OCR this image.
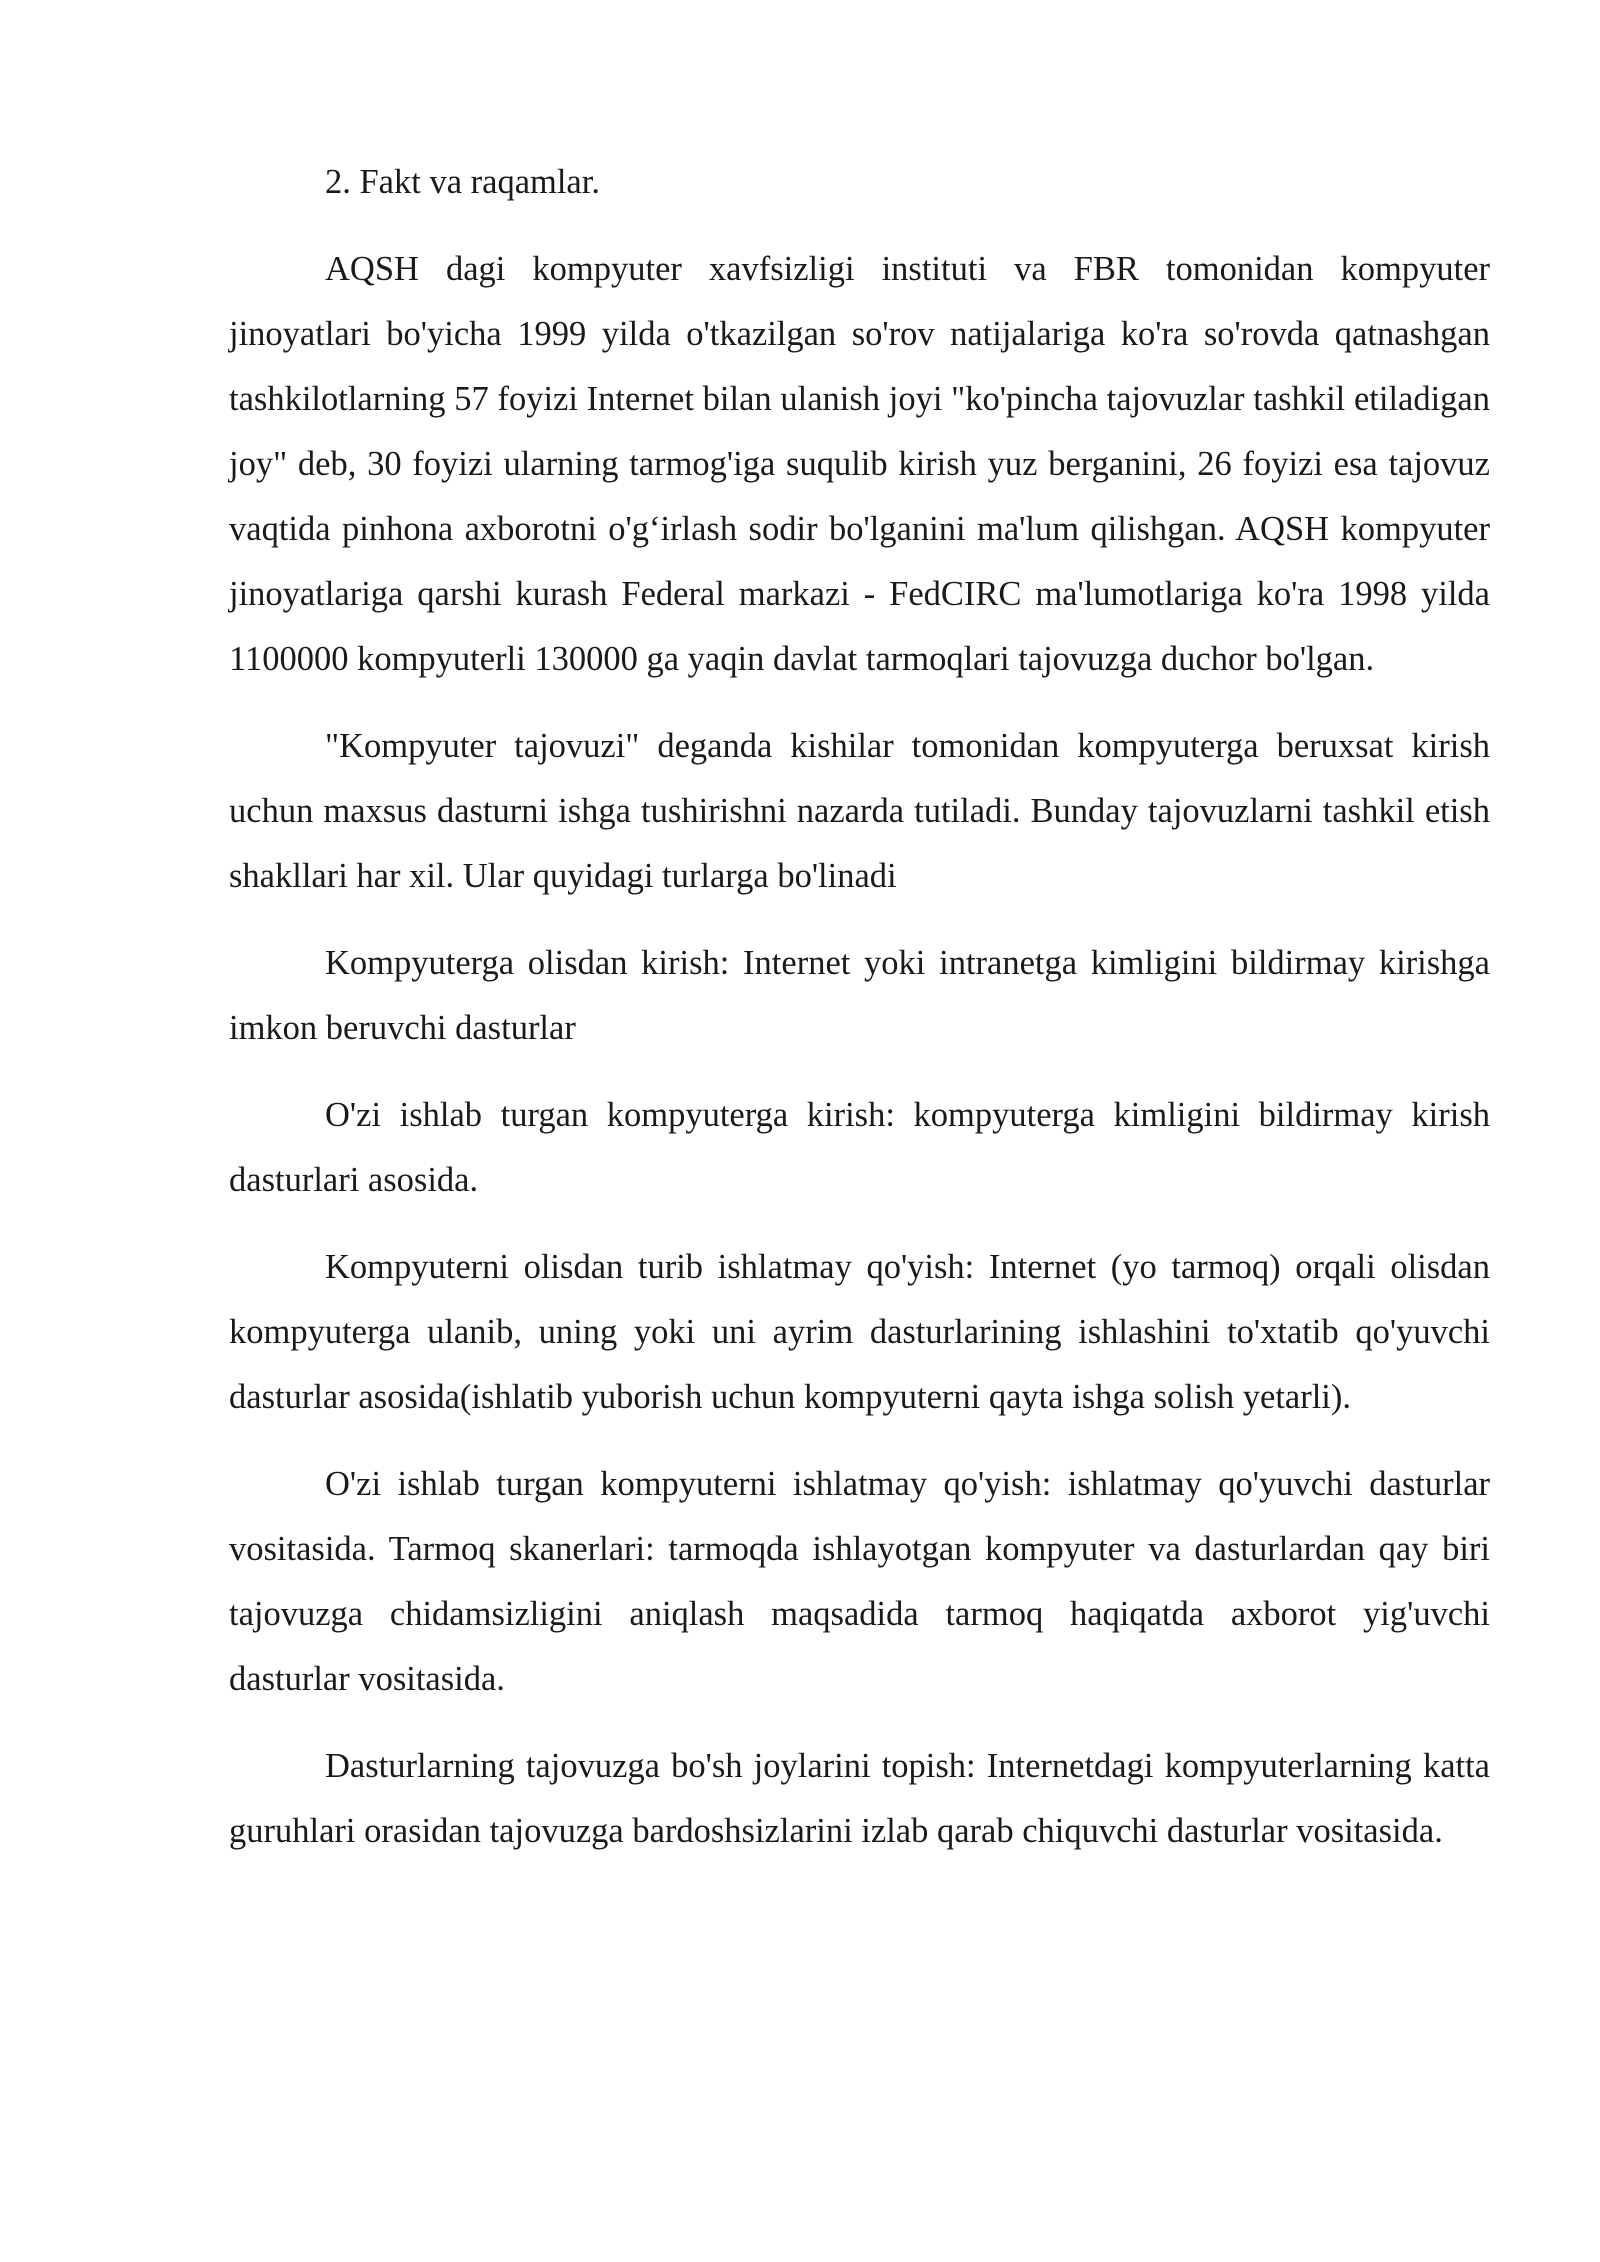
2. Fakt va raqamlar.

AQSH dagi kompyuter xavfsizligi instituti va FBR tomonidan kompyuter jinoyatlari bo'yicha 1999 yilda o'tkazilgan so'rov natijalariga ko'ra so'rovda qatnashgan tashkilotlarning 57 foyizi Internet bilan ulanish joyi "ko'pincha tajovuzlar tashkil etiladigan joy" deb, 30 foyizi ularning tarmog'iga suqulib kirish yuz berganini, 26 foyizi esa tajovuz vaqtida pinhona axborotni o'g‘irlash sodir bo'lganini ma'lum qilishgan. AQSH kompyuter jinoyatlariga qarshi kurash Federal markazi - FedCIRC ma'lumotlariga ko'ra 1998 yilda 1100000 kompyuterli 130000 ga yaqin davlat tarmoqlari tajovuzga duchor bo'lgan.

"Kompyuter tajovuzi" deganda kishilar tomonidan kompyuterga beruxsat kirish uchun maxsus dasturni ishga tushirishni nazarda tutiladi. Bunday tajovuzlarni tashkil etish shakllari har xil. Ular quyidagi turlarga bo'linadi

Kompyuterga olisdan kirish: Internet yoki intranetga kimligini bildirmay kirishga imkon beruvchi dasturlar

O'zi ishlab turgan kompyuterga kirish: kompyuterga kimligini bildirmay kirish dasturlari asosida.

Kompyuterni olisdan turib ishlatmay qo'yish: Internet (yo tarmoq) orqali olisdan kompyuterga ulanib, uning yoki uni ayrim dasturlarining ishlashini to'xtatib qo'yuvchi dasturlar asosida(ishlatib yuborish uchun kompyuterni qayta ishga solish yetarli).

O'zi ishlab turgan kompyuterni ishlatmay qo'yish: ishlatmay qo'yuvchi dasturlar vositasida. Tarmoq skanerlari: tarmoqda ishlayotgan kompyuter va dasturlardan qay biri tajovuzga chidamsizligini aniqlash maqsadida tarmoq haqiqatda axborot yig'uvchi dasturlar vositasida.

Dasturlarning tajovuzga bo'sh joylarini topish: Internetdagi kompyuterlarning katta guruhlari orasidan tajovuzga bardoshsizlarini izlab qarab chiquvchi dasturlar vositasida.
